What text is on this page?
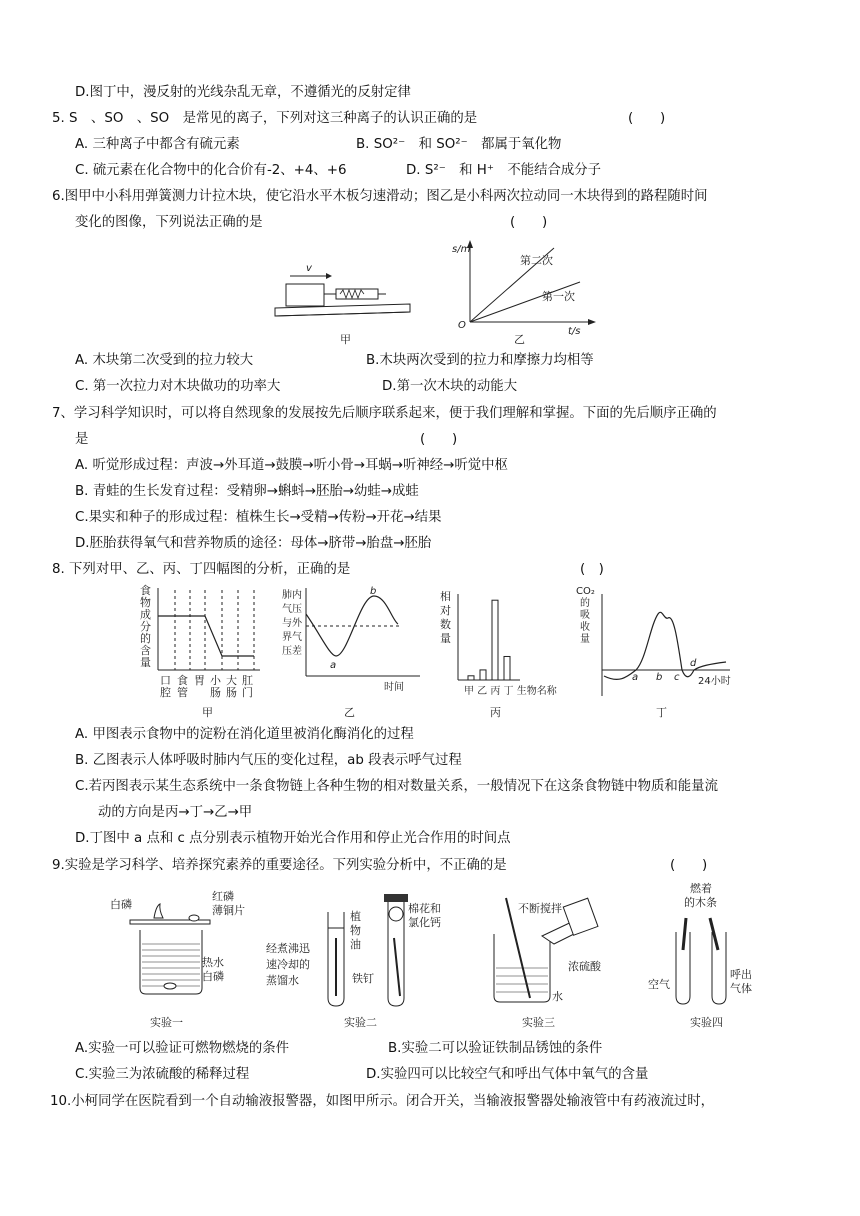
D.图丁中，漫反射的光线杂乱无章，不遵循光的反射定律
5. S　、SO　、SO　是常见的离子，下列对这三种离子的认识正确的是	(　　)
A. 三种离子中都含有硫元素	B. SO²⁻　和 SO²⁻　都属于氧化物
C. 硫元素在化合物中的化合价有-2、+4、+6	D. S²⁻　和 H⁺　不能结合成分子
6.图甲中小科用弹簧测力计拉木块，使它沿水平木板匀速滑动；图乙是小科两次拉动同一木块得到的路程随时间
变化的图像，下列说法正确的是	(　　)
v
甲
s/m
t/s
O
第二次
第一次
乙
A. 木块第二次受到的拉力较大	B.木块两次受到的拉力和摩擦力均相等
C. 第一次拉力对木块做功的功率大	D.第一次木块的动能大
7、学习科学知识时，可以将自然现象的发展按先后顺序联系起来，便于我们理解和掌握。下面的先后顺序正确的
是	(　　)
A. 听觉形成过程：声波→外耳道→鼓膜→听小骨→耳蜗→听神经→听觉中枢
B. 青蛙的生长发育过程：受精卵→蝌蚪→胚胎→幼蛙→成蛙
C.果实和种子的形成过程：植株生长→受精→传粉→开花→结果
D.胚胎获得氧气和营养物质的途径：母体→脐带→胎盘→胚胎
8. 下列对甲、乙、丙、丁四幅图的分析，正确的是	(　)
食
物
成
分
的
含
量
口
腔
食
管
胃 小
肠
大
肠
肛
门
甲
肺内
气压
与外
界气
压差
a
b
时间
乙
相
对
数
量
甲 乙 丙 丁 生物名称
丙
CO₂
的
吸
收
量
a b c
d
24小时
丁
A. 甲图表示食物中的淀粉在消化道里被消化酶消化的过程
B. 乙图表示人体呼吸时肺内气压的变化过程，ab 段表示呼气过程
C.若丙图表示某生态系统中一条食物链上各种生物的相对数量关系，一般情况下在这条食物链中物质和能量流
动的方向是丙→丁→乙→甲
D.丁图中 a 点和 c 点分别表示植物开始光合作用和停止光合作用的时间点
9.实验是学习科学、培养探究素养的重要途径。下列实验分析中，不正确的是	(　　)
白磷
红磷
薄铜片
热水
白磷
实验一
经煮沸迅
速冷却的
蒸馏水
植
物
油
铁钉
棉花和
氯化钙
实验二
不断搅拌
浓硫酸
水
实验三
燃着
的木条
空气
呼出
气体
实验四
A.实验一可以验证可燃物燃烧的条件	B.实验二可以验证铁制品锈蚀的条件
C.实验三为浓硫酸的稀释过程	D.实验四可以比较空气和呼出气体中氧气的含量
10.小柯同学在医院看到一个自动输液报警器，如图甲所示。闭合开关，当输液报警器处输液管中有药液流过时，
